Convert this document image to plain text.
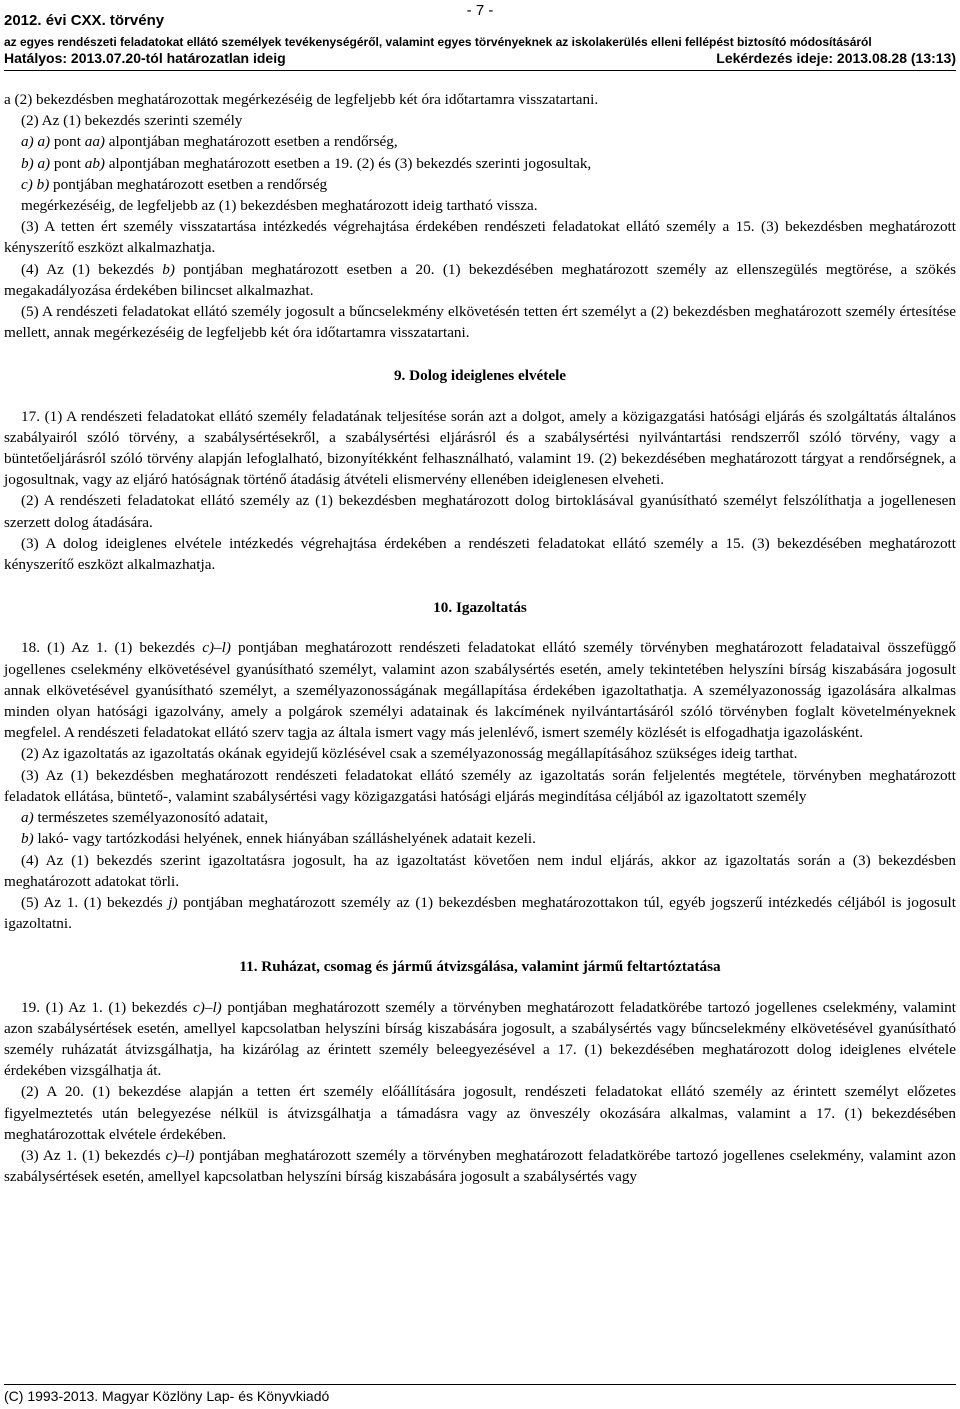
- 7 -
2012. évi CXX. törvény
az egyes rendészeti feladatokat ellátó személyek tevékenységéről, valamint egyes törvényeknek az iskolakerülés elleni fellépést biztosító módosításáról
Hatályos: 2013.07.20-tól határozatlan ideig	Lekérdezés ideje: 2013.08.28 (13:13)

a (2) bekezdésben meghatározottak megérkezéséig de legfeljebb két óra időtartamra visszatartani.

(2) Az (1) bekezdés szerinti személy

a) a) pont aa) alpontjában meghatározott esetben a rendőrség,

b) a) pont ab) alpontjában meghatározott esetben a 19. (2) és (3) bekezdés szerinti jogosultak,

c) b) pontjában meghatározott esetben a rendőrség

megérkezéséig, de legfeljebb az (1) bekezdésben meghatározott ideig tartható vissza.

(3) A tetten ért személy visszatartása intézkedés végrehajtása érdekében rendészeti feladatokat ellátó személy a 15. (3) bekezdésben meghatározott kényszerítő eszközt alkalmazhatja.

(4) Az (1) bekezdés b) pontjában meghatározott esetben a 20. (1) bekezdésében meghatározott személy az ellenszegülés megtörése, a szökés megakadályozása érdekében bilincset alkalmazhat.

(5) A rendészeti feladatokat ellátó személy jogosult a bűncselekmény elkövetésén tetten ért személyt a (2) bekezdésben meghatározott személy értesítése mellett, annak megérkezéséig de legfeljebb két óra időtartamra visszatartani.

9. Dolog ideiglenes elvétele

17. (1) A rendészeti feladatokat ellátó személy feladatának teljesítése során azt a dolgot, amely a közigazgatási hatósági eljárás és szolgáltatás általános szabályairól szóló törvény, a szabálysértésekről, a szabálysértési eljárásról és a szabálysértési nyilvántartási rendszerről szóló törvény, vagy a büntetőeljárásról szóló törvény alapján lefoglalható, bizonyítékként felhasználható, valamint 19. (2) bekezdésében meghatározott tárgyat a rendőrségnek, a jogosultnak, vagy az eljáró hatóságnak történő átadásig átvételi elismervény ellenében ideiglenesen elveheti.

(2) A rendészeti feladatokat ellátó személy az (1) bekezdésben meghatározott dolog birtoklásával gyanúsítható személyt felszólíthatja a jogellenesen szerzett dolog átadására.

(3) A dolog ideiglenes elvétele intézkedés végrehajtása érdekében a rendészeti feladatokat ellátó személy a 15. (3) bekezdésében meghatározott kényszerítő eszközt alkalmazhatja.

10. Igazoltatás

18. (1) Az 1. (1) bekezdés c)–l) pontjában meghatározott rendészeti feladatokat ellátó személy törvényben meghatározott feladataival összefüggő jogellenes cselekmény elkövetésével gyanúsítható személyt, valamint azon szabálysértés esetén, amely tekintetében helyszíni bírság kiszabására jogosult annak elkövetésével gyanúsítható személyt, a személyazonosságának megállapítása érdekében igazoltathatja. A személyazonosság igazolására alkalmas minden olyan hatósági igazolvány, amely a polgárok személyi adatainak és lakcímének nyilvántartásáról szóló törvényben foglalt követelményeknek megfelel. A rendészeti feladatokat ellátó szerv tagja az általa ismert vagy más jelenlévő, ismert személy közlését is elfogadhatja igazolásként.

(2) Az igazoltatás az igazoltatás okának egyidejű közlésével csak a személyazonosság megállapításához szükséges ideig tarthat.

(3) Az (1) bekezdésben meghatározott rendészeti feladatokat ellátó személy az igazoltatás során feljelentés megtétele, törvényben meghatározott feladatok ellátása, büntető-, valamint szabálysértési vagy közigazgatási hatósági eljárás megindítása céljából az igazoltatott személy

a) természetes személyazonosító adatait,

b) lakó- vagy tartózkodási helyének, ennek hiányában szálláshelyének adatait kezeli.

(4) Az (1) bekezdés szerint igazoltatásra jogosult, ha az igazoltatást követően nem indul eljárás, akkor az igazoltatás során a (3) bekezdésben meghatározott adatokat törli.

(5) Az 1. (1) bekezdés j) pontjában meghatározott személy az (1) bekezdésben meghatározottakon túl, egyéb jogszerű intézkedés céljából is jogosult igazoltatni.

11. Ruházat, csomag és jármű átvizsgálása, valamint jármű feltartóztatása

19. (1) Az 1. (1) bekezdés c)–l) pontjában meghatározott személy a törvényben meghatározott feladatkörébe tartozó jogellenes cselekmény, valamint azon szabálysértések esetén, amellyel kapcsolatban helyszíni bírság kiszabására jogosult, a szabálysértés vagy bűncselekmény elkövetésével gyanúsítható személy ruházatát átvizsgálhatja, ha kizárólag az érintett személy beleegyezésével a 17. (1) bekezdésében meghatározott dolog ideiglenes elvétele érdekében vizsgálhatja át.

(2) A 20. (1) bekezdése alapján a tetten ért személy előállítására jogosult, rendészeti feladatokat ellátó személy az érintett személyt előzetes figyelmeztetés után belegyezése nélkül is átvizsgálhatja a támadásra vagy az önveszély okozására alkalmas, valamint a 17. (1) bekezdésében meghatározottak elvétele érdekében.

(3) Az 1. (1) bekezdés c)–l) pontjában meghatározott személy a törvényben meghatározott feladatkörébe tartozó jogellenes cselekmény, valamint azon szabálysértések esetén, amellyel kapcsolatban helyszíni bírság kiszabására jogosult a szabálysértés vagy

(C) 1993-2013. Magyar Közlöny Lap- és Könyvkiadó
